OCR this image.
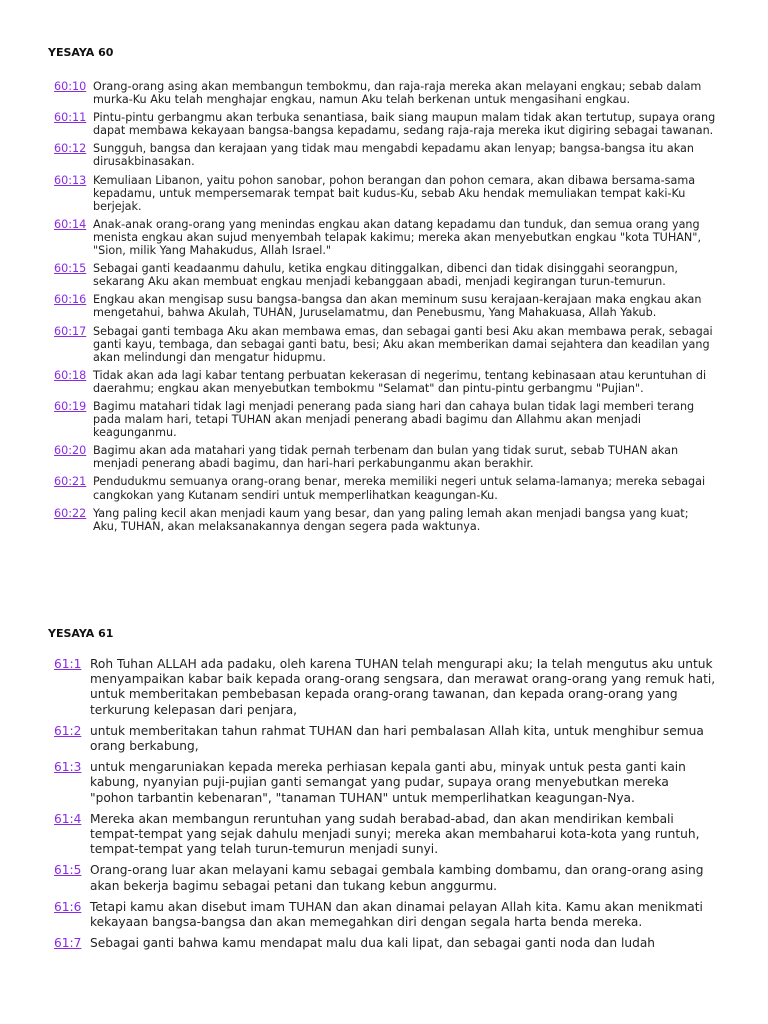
YESAYA 60
60:10 Orang-orang asing akan membangun tembokmu, dan raja-raja mereka akan melayani engkau; sebab dalam murka-Ku Aku telah menghajar engkau, namun Aku telah berkenan untuk mengasihani engkau.
60:11 Pintu-pintu gerbangmu akan terbuka senantiasa, baik siang maupun malam tidak akan tertutup, supaya orang dapat membawa kekayaan bangsa-bangsa kepadamu, sedang raja-raja mereka ikut digiring sebagai tawanan.
60:12 Sungguh, bangsa dan kerajaan yang tidak mau mengabdi kepadamu akan lenyap; bangsa-bangsa itu akan dirusakbinasakan.
60:13 Kemuliaan Libanon, yaitu pohon sanobar, pohon berangan dan pohon cemara, akan dibawa bersama-sama kepadamu, untuk mempersemarak tempat bait kudus-Ku, sebab Aku hendak memuliakan tempat kaki-Ku berjejak.
60:14 Anak-anak orang-orang yang menindas engkau akan datang kepadamu dan tunduk, dan semua orang yang menista engkau akan sujud menyembah telapak kakimu; mereka akan menyebutkan engkau "kota TUHAN", "Sion, milik Yang Mahakudus, Allah Israel."
60:15 Sebagai ganti keadaanmu dahulu, ketika engkau ditinggalkan, dibenci dan tidak disinggahi seorangpun, sekarang Aku akan membuat engkau menjadi kebanggaan abadi, menjadi kegirangan turun-temurun.
60:16 Engkau akan mengisap susu bangsa-bangsa dan akan meminum susu kerajaan-kerajaan maka engkau akan mengetahui, bahwa Akulah, TUHAN, Juruselamatmu, dan Penebusmu, Yang Mahakuasa, Allah Yakub.
60:17 Sebagai ganti tembaga Aku akan membawa emas, dan sebagai ganti besi Aku akan membawa perak, sebagai ganti kayu, tembaga, dan sebagai ganti batu, besi; Aku akan memberikan damai sejahtera dan keadilan yang akan melindungi dan mengatur hidupmu.
60:18 Tidak akan ada lagi kabar tentang perbuatan kekerasan di negerimu, tentang kebinasaan atau keruntuhan di daerahmu; engkau akan menyebutkan tembokmu "Selamat" dan pintu-pintu gerbangmu "Pujian".
60:19 Bagimu matahari tidak lagi menjadi penerang pada siang hari dan cahaya bulan tidak lagi memberi terang pada malam hari, tetapi TUHAN akan menjadi penerang abadi bagimu dan Allahmu akan menjadi keagunganmu.
60:20 Bagimu akan ada matahari yang tidak pernah terbenam dan bulan yang tidak surut, sebab TUHAN akan menjadi penerang abadi bagimu, dan hari-hari perkabunganmu akan berakhir.
60:21 Pendudukmu semuanya orang-orang benar, mereka memiliki negeri untuk selama-lamanya; mereka sebagai cangkokan yang Kutanam sendiri untuk memperlihatkan keagungan-Ku.
60:22 Yang paling kecil akan menjadi kaum yang besar, dan yang paling lemah akan menjadi bangsa yang kuat; Aku, TUHAN, akan melaksanakannya dengan segera pada waktunya.
YESAYA 61
61:1 Roh Tuhan ALLAH ada padaku, oleh karena TUHAN telah mengurapi aku; Ia telah mengutus aku untuk menyampaikan kabar baik kepada orang-orang sengsara, dan merawat orang-orang yang remuk hati, untuk memberitakan pembebasan kepada orang-orang tawanan, dan kepada orang-orang yang terkurung kelepasan dari penjara,
61:2 untuk memberitakan tahun rahmat TUHAN dan hari pembalasan Allah kita, untuk menghibur semua orang berkabung,
61:3 untuk mengaruniakan kepada mereka perhiasan kepala ganti abu, minyak untuk pesta ganti kain kabung, nyanyian puji-pujian ganti semangat yang pudar, supaya orang menyebutkan mereka "pohon tarbantin kebenaran", "tanaman TUHAN" untuk memperlihatkan keagungan-Nya.
61:4 Mereka akan membangun reruntuhan yang sudah berabad-abad, dan akan mendirikan kembali tempat-tempat yang sejak dahulu menjadi sunyi; mereka akan membaharui kota-kota yang runtuh, tempat-tempat yang telah turun-temurun menjadi sunyi.
61:5 Orang-orang luar akan melayani kamu sebagai gembala kambing dombamu, dan orang-orang asing akan bekerja bagimu sebagai petani dan tukang kebun anggurmu.
61:6 Tetapi kamu akan disebut imam TUHAN dan akan dinamai pelayan Allah kita. Kamu akan menikmati kekayaan bangsa-bangsa dan akan memegahkan diri dengan segala harta benda mereka.
61:7 Sebagai ganti bahwa kamu mendapat malu dua kali lipat, dan sebagai ganti noda dan ludah
